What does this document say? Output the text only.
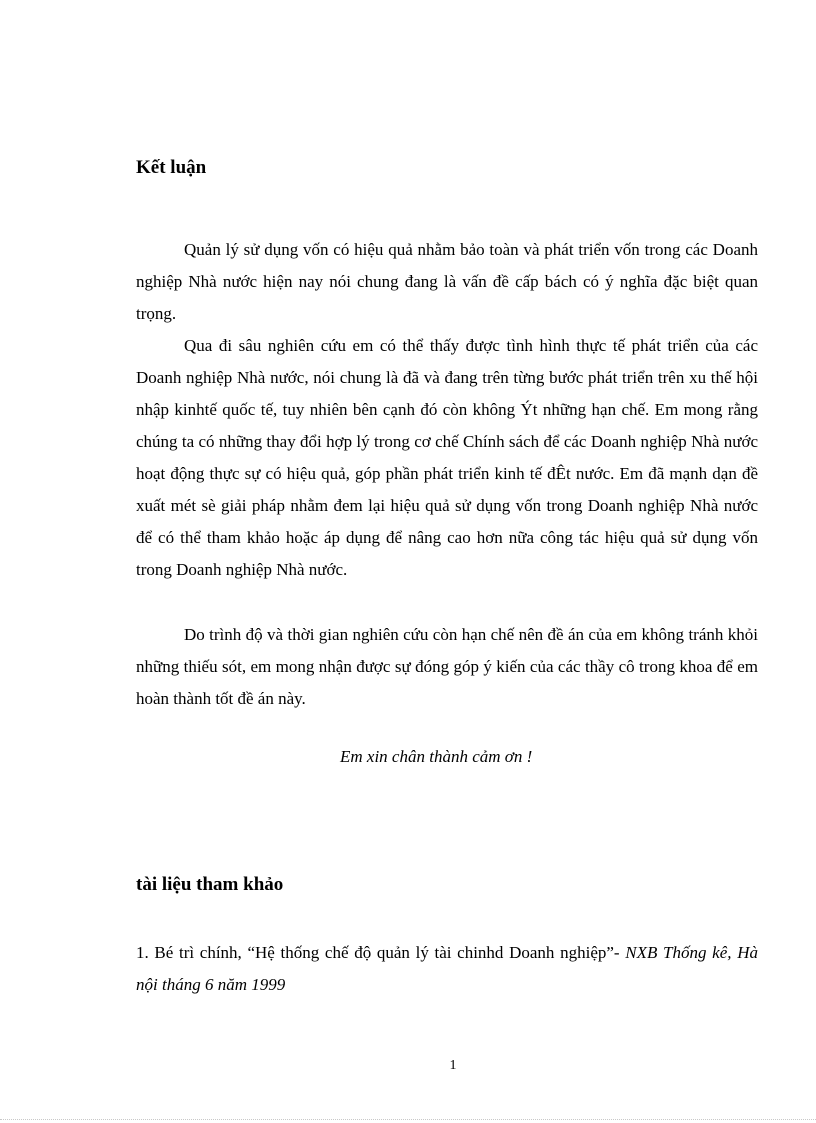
Kết luận

Quản lý sử dụng vốn có hiệu quả nhằm bảo toàn và phát triển vốn trong các Doanh nghiệp Nhà nước hiện nay nói chung đang là vấn đề cấp bách có ý nghĩa đặc biệt quan trọng.

Qua đi sâu nghiên cứu em có thể thấy được tình hình thực tế phát triển của các Doanh nghiệp Nhà nước, nói chung là đã và đang trên từng bước phát triển trên xu thế hội nhập kinhtế quốc tế, tuy nhiên bên cạnh đó còn không Ýt những hạn chế. Em mong rằng chúng ta có những thay đổi hợp lý trong cơ chế Chính sách để các Doanh nghiệp Nhà nước hoạt động thực sự có hiệu quả, góp phần phát triển kinh tế đÊt nước. Em đã mạnh dạn đề xuất mét sè giải pháp nhằm đem lại hiệu quả sử dụng vốn trong Doanh nghiệp Nhà nước để có thể tham khảo hoặc áp dụng để nâng cao hơn nữa công tác hiệu quả sử dụng vốn trong Doanh nghiệp Nhà nước.

Do trình độ và thời gian nghiên cứu còn hạn chế nên đề án của em không tránh khỏi những thiếu sót, em mong nhận được sự đóng góp ý kiến của các thầy cô trong khoa để em hoàn thành tốt đề án này.

Em xin chân thành cảm ơn !

tài liệu tham khảo

1. Bé trì chính, “Hệ thống chế độ quản lý tài chinhd Doanh nghiệp”- NXB Thống kê, Hà nội tháng 6 năm 1999

1
